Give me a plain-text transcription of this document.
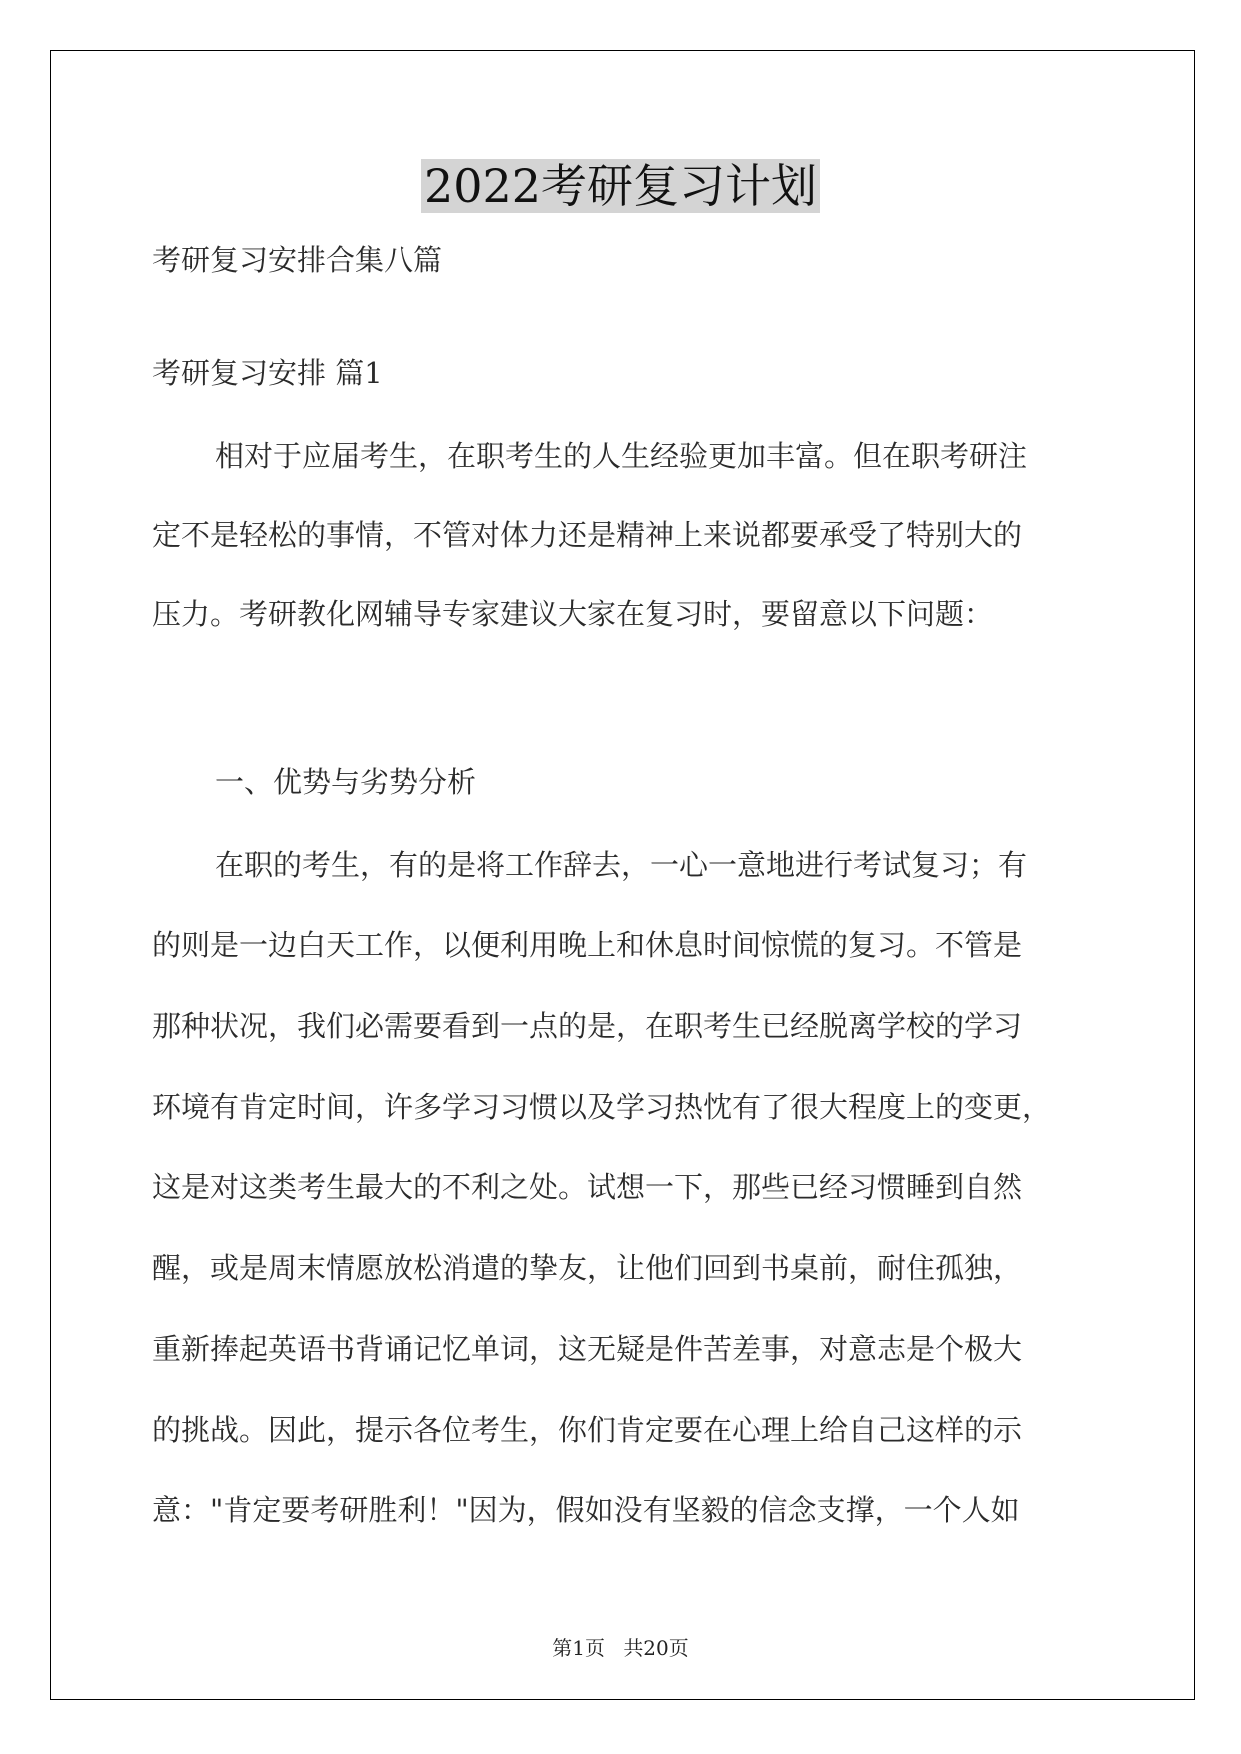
2022考研复习计划
考研复习安排合集八篇
考研复习安排 篇1
相对于应届考生，在职考生的人生经验更加丰富。但在职考研注
定不是轻松的事情，不管对体力还是精神上来说都要承受了特别大的
压力。考研教化网辅导专家建议大家在复习时，要留意以下问题：
一、优势与劣势分析
在职的考生，有的是将工作辞去，一心一意地进行考试复习；有
的则是一边白天工作，以便利用晚上和休息时间惊慌的复习。不管是
那种状况，我们必需要看到一点的是，在职考生已经脱离学校的学习
环境有肯定时间，许多学习习惯以及学习热忱有了很大程度上的变更，
这是对这类考生最大的不利之处。试想一下，那些已经习惯睡到自然
醒，或是周末情愿放松消遣的挚友，让他们回到书桌前，耐住孤独，
重新捧起英语书背诵记忆单词，这无疑是件苦差事，对意志是个极大
的挑战。因此，提示各位考生，你们肯定要在心理上给自己这样的示
意："肯定要考研胜利！"因为，假如没有坚毅的信念支撑，一个人如
第1页 共20页
